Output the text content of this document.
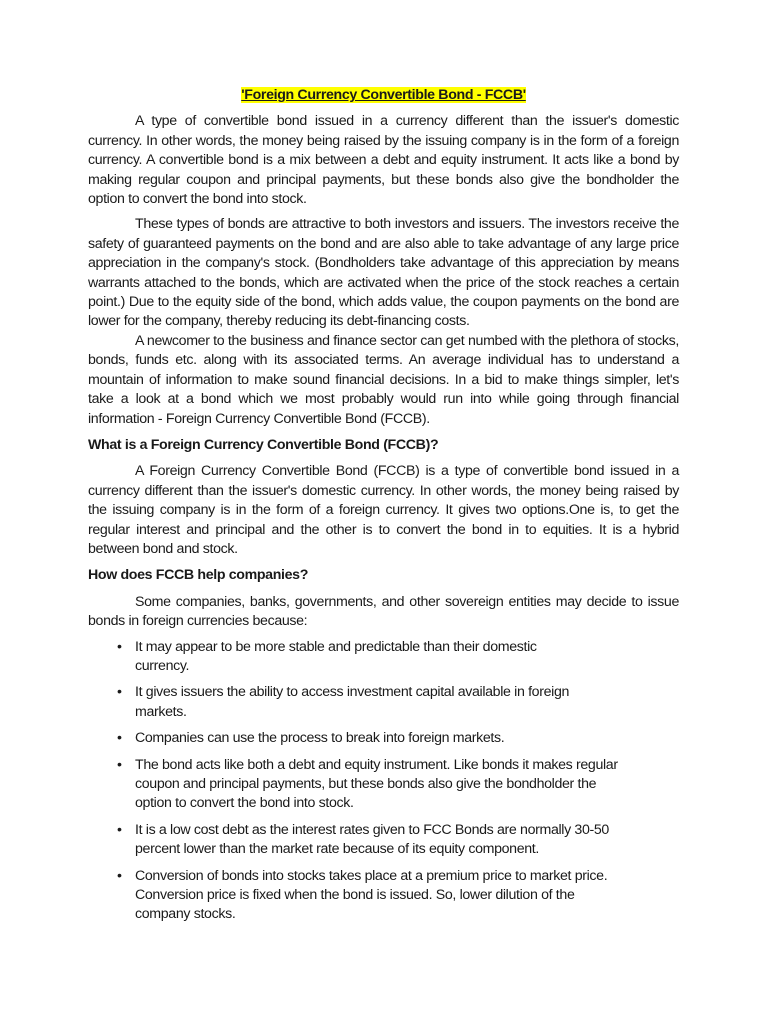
'Foreign Currency Convertible Bond - FCCB'

A type of convertible bond issued in a currency different than the issuer's domestic currency. In other words, the money being raised by the issuing company is in the form of a foreign currency. A convertible bond is a mix between a debt and equity instrument. It acts like a bond by making regular coupon and principal payments, but these bonds also give the bondholder the option to convert the bond into stock.

These types of bonds are attractive to both investors and issuers. The investors receive the safety of guaranteed payments on the bond and are also able to take advantage of any large price appreciation in the company's stock. (Bondholders take advantage of this appreciation by means warrants attached to the bonds, which are activated when the price of the stock reaches a certain point.) Due to the equity side of the bond, which adds value, the coupon payments on the bond are lower for the company, thereby reducing its debt-financing costs.

A newcomer to the business and finance sector can get numbed with the plethora of stocks, bonds, funds etc. along with its associated terms. An average individual has to understand a mountain of information to make sound financial decisions. In a bid to make things simpler, let's take a look at a bond which we most probably would run into while going through financial information - Foreign Currency Convertible Bond (FCCB).

What is a Foreign Currency Convertible Bond (FCCB)?

A Foreign Currency Convertible Bond (FCCB) is a type of convertible bond issued in a currency different than the issuer's domestic currency. In other words, the money being raised by the issuing company is in the form of a foreign currency. It gives two options.One is, to get the regular interest and principal and the other is to convert the bond in to equities. It is a hybrid between bond and stock.

How does FCCB help companies?

Some companies, banks, governments, and other sovereign entities may decide to issue bonds in foreign currencies because:

• It may appear to be more stable and predictable than their domestic currency.
• It gives issuers the ability to access investment capital available in foreign markets.
• Companies can use the process to break into foreign markets.
• The bond acts like both a debt and equity instrument. Like bonds it makes regular coupon and principal payments, but these bonds also give the bondholder the option to convert the bond into stock.
• It is a low cost debt as the interest rates given to FCC Bonds are normally 30-50 percent lower than the market rate because of its equity component.
• Conversion of bonds into stocks takes place at a premium price to market price. Conversion price is fixed when the bond is issued. So, lower dilution of the company stocks.
